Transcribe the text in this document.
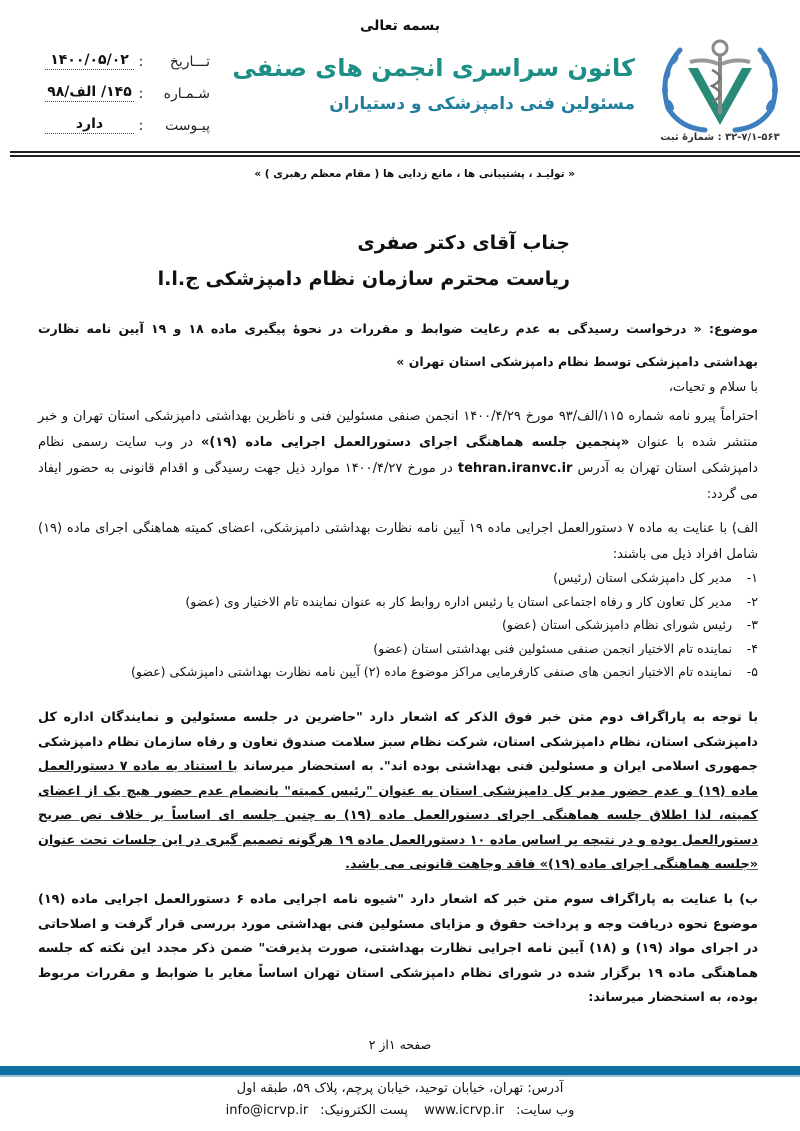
بسمه تعالی
۳۲-۷/۱-۵۶۳ : شمارهٔ ثبت
کانون سراسری انجمن های صنفی
مسئولین فنی دامپزشکی و دستیاران
تـــاریخ
:
۱۴۰۰/۰۵/۰۲
شـمـاره
:
۱۴۵/ الف/۹۸
پیـوست
:
دارد
« تولیـد ، پشتیبانی ها ، مانع زدایی ها ( مقام معظم رهبری ) »
جناب آقای دکتر صفری
ریاست محترم سازمان نظام دامپزشکی ج.ا.ا
موضوع: « درخواست رسیدگی به عدم رعایت ضوابط و مقررات در نحوهٔ پیگیری ماده ۱۸ و ۱۹ آیین نامه نظارت بهداشتی دامپزشکی توسط نظام دامپزشکی استان تهران »
با سلام و تحیات،
احتراماً پیرو نامه شماره ۱۱۵/الف/۹۳ مورخ ۱۴۰۰/۴/۲۹ انجمن صنفی مسئولین فنی و ناظرین بهداشتی دامپزشکی استان تهران و خبر منتشر شده با عنوان «پنجمین جلسه هماهنگی اجرای دستورالعمل اجرایی ماده (۱۹)» در وب سایت رسمی نظام دامپزشکی استان تهران به آدرس tehran.iranvc.ir در مورخ ۱۴۰۰/۴/۲۷ موارد ذیل جهت رسیدگی و اقدام قانونی به حضور ایفاد می گردد:
الف) با عنایت به ماده ۷ دستورالعمل اجرایی ماده ۱۹ آیین نامه نظارت بهداشتی دامپزشکی، اعضای کمیته هماهنگی اجرای ماده (۱۹) شامل افراد ذیل می باشند:
۱-مدیر کل دامپزشکی استان (رئیس)
۲-مدیر کل تعاون کار و رفاه اجتماعی استان یا رئیس اداره روابط کار به عنوان نماینده تام الاختیار وی (عضو)
۳-رئیس شورای نظام دامپزشکی استان (عضو)
۴-نماینده تام الاختیار انجمن صنفی مسئولین فنی بهداشتی استان (عضو)
۵-نماینده تام الاختیار انجمن های صنفی کارفرمایی مراکز موضوع ماده (۲) آیین نامه نظارت بهداشتی دامپزشکی (عضو)
با توجه به پاراگراف دوم متن خبر فوق الذکر که اشعار دارد "حاضرین در جلسه مسئولین و نمایندگان اداره کل دامپزشکی استان، نظام دامپزشکی استان، شرکت نظام سبز سلامت صندوق تعاون و رفاه سازمان نظام دامپزشکی جمهوری اسلامی ایران و مسئولین فنی بهداشتی بوده اند". به استحضار میرساند با استناد به ماده ۷ دستورالعمل ماده (۱۹) و عدم حضور مدیر کل دامپزشکی استان به عنوان "رئیس کمیته" بانضمام عدم حضور هیچ یک از اعضای کمیته، لذا اطلاق جلسه هماهنگی اجرای دستورالعمل ماده (۱۹) به چنین جلسه ای اساساً بر خلاف نص صریح دستورالعمل بوده و در نتیجه بر اساس ماده ۱۰ دستورالعمل ماده ۱۹ هرگونه تصمیم گیری در این جلسات تحت عنوان «جلسه هماهنگی اجرای ماده (۱۹)» فاقد وجاهت قانونی می باشد.
ب) با عنایت به پاراگراف سوم متن خبر که اشعار دارد "شیوه نامه اجرایی ماده ۶ دستورالعمل اجرایی ماده (۱۹) موضوع نحوه دریافت وجه و پرداخت حقوق و مزایای مسئولین فنی بهداشتی مورد بررسی قرار گرفت و اصلاحاتی در اجرای مواد (۱۹) و (۱۸) آیین نامه اجرایی نظارت بهداشتی، صورت پذیرفت" ضمن ذکر مجدد این نکته که جلسه هماهنگی ماده ۱۹ برگزار شده در شورای نظام دامپزشکی استان تهران اساساً مغایر با ضوابط و مقررات مربوط بوده، به استحضار میرساند:
صفحه ۱از ۲
آدرس: تهران، خیابان توحید، خیابان پرچم، پلاک ۵۹، طبقه اول
وب سایت:www.icrvp.ir پست الکترونیک:info@icrvp.ir
